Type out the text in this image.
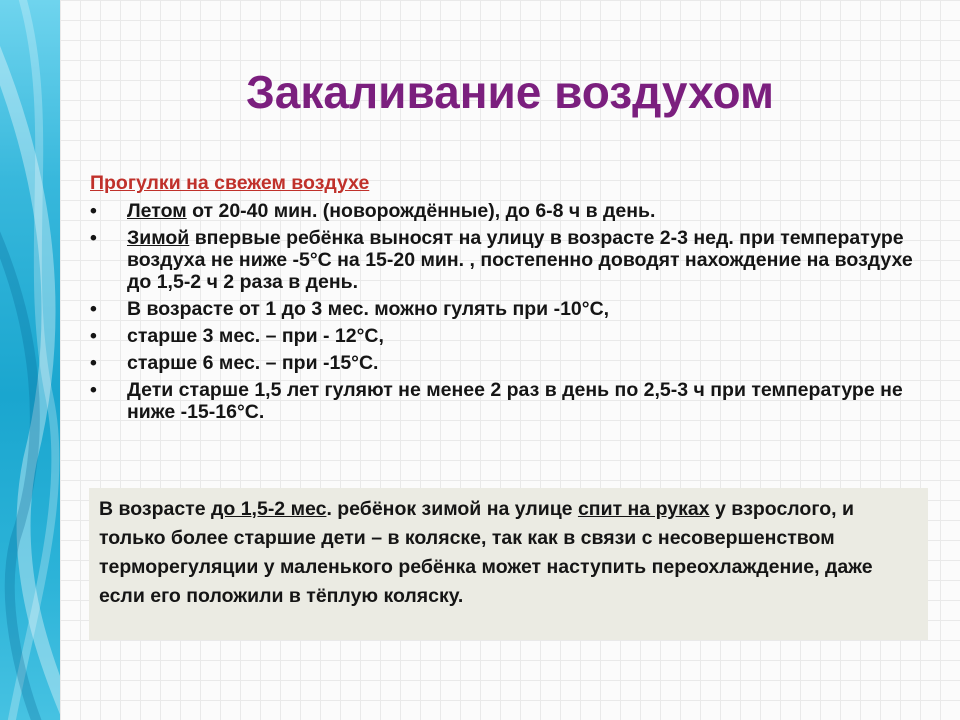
Закаливание воздухом
Прогулки на свежем воздухе
• Летом от 20-40 мин. (новорождённые), до 6-8 ч в день.
• Зимой впервые ребёнка выносят на улицу в возрасте 2-3 нед. при температуре воздуха не ниже -5°C на 15-20 мин. , постепенно доводят нахождение на воздухе до 1,5-2 ч 2 раза в день.
• В возрасте от 1 до 3 мес. можно гулять при -10°C,
• старше 3 мес. – при - 12°C,
• старше 6 мес. – при -15°C.
• Дети старше 1,5 лет гуляют не менее 2 раз в день по 2,5-3 ч при температуре не ниже -15-16°C.
В возрасте до 1,5-2 мес. ребёнок зимой на улице спит на руках у взрослого, и только более старшие дети – в коляске, так как в связи с несовершенством терморегуляции у маленького ребёнка может наступить переохлаждение, даже если его положили в тёплую коляску.
